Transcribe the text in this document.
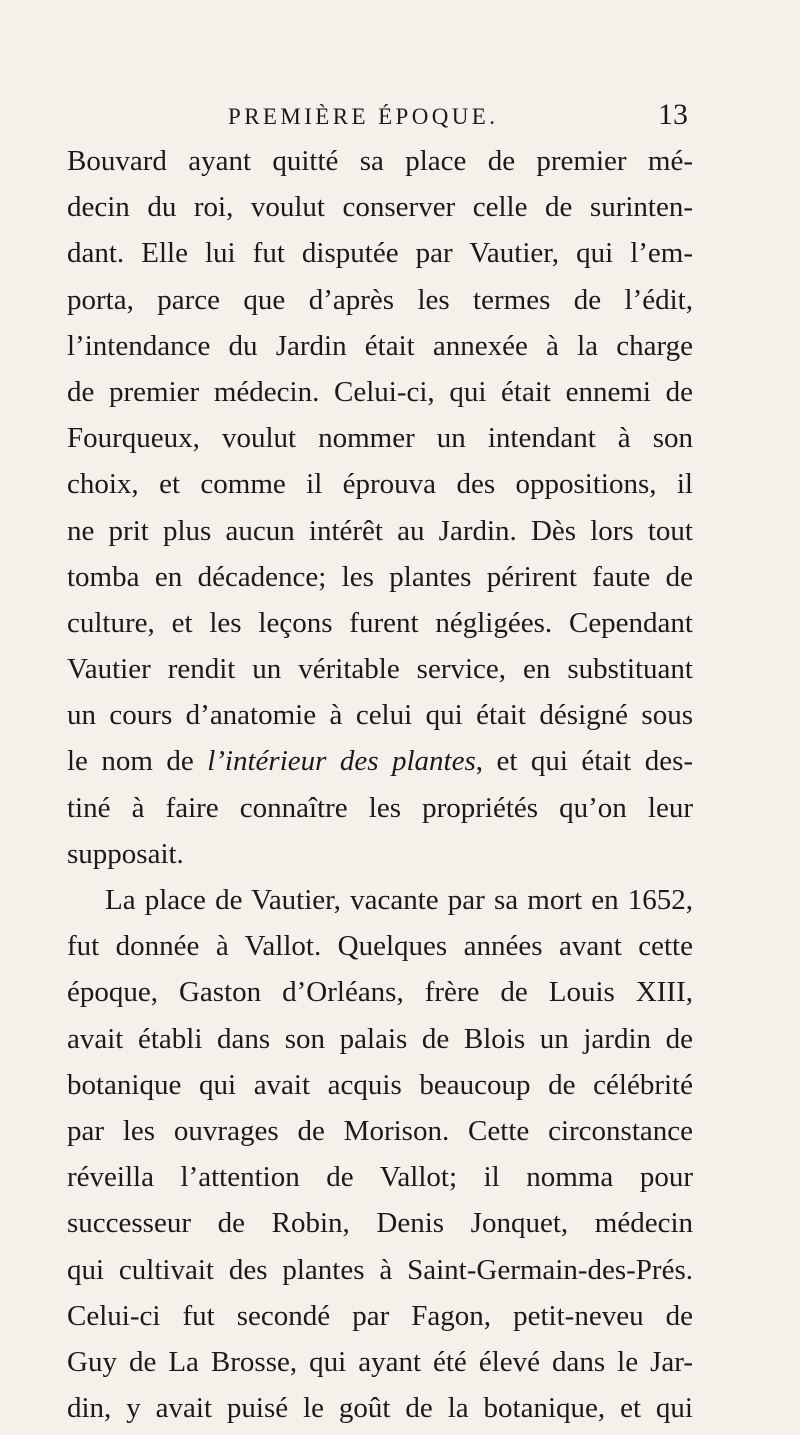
PREMIÈRE ÉPOQUE.	13
Bouvard ayant quitté sa place de premier mé-
decin du roi, voulut conserver celle de surinten-
dant. Elle lui fut disputée par Vautier, qui l’em-
porta, parce que d’après les termes de l’édit,
l’intendance du Jardin était annexée à la charge
de premier médecin. Celui-ci, qui était ennemi de
Fourqueux, voulut nommer un intendant à son
choix, et comme il éprouva des oppositions, il
ne prit plus aucun intérêt au Jardin. Dès lors tout
tomba en décadence; les plantes périrent faute de
culture, et les leçons furent négligées. Cependant
Vautier rendit un véritable service, en substituant
un cours d’anatomie à celui qui était désigné sous
le nom de l’intérieur des plantes, et qui était des-
tiné à faire connaître les propriétés qu’on leur
supposait.
La place de Vautier, vacante par sa mort en 1652,
fut donnée à Vallot. Quelques années avant cette
époque, Gaston d’Orléans, frère de Louis XIII,
avait établi dans son palais de Blois un jardin de
botanique qui avait acquis beaucoup de célébrité
par les ouvrages de Morison. Cette circonstance
réveilla l’attention de Vallot; il nomma pour
successeur de Robin, Denis Jonquet, médecin
qui cultivait des plantes à Saint-Germain-des-Prés.
Celui-ci fut secondé par Fagon, petit-neveu de
Guy de La Brosse, qui ayant été élevé dans le Jar-
din, y avait puisé le goût de la botanique, et qui
